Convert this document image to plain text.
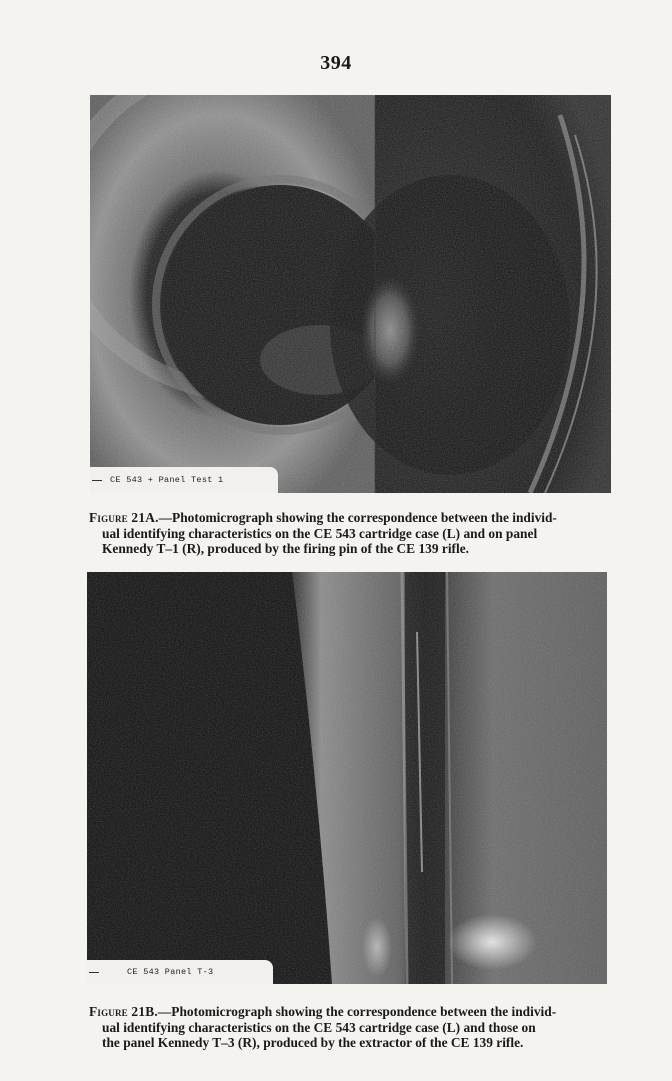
394
CE 543 + Panel Test 1
Figure 21A.—Photomicrograph showing the correspondence between the individ-
ual identifying characteristics on the CE 543 cartridge case (L) and on panel
Kennedy T–1 (R), produced by the firing pin of the CE 139 rifle.
CE 543 Panel T-3
Figure 21B.—Photomicrograph showing the correspondence between the individ-
ual identifying characteristics on the CE 543 cartridge case (L) and those on
the panel Kennedy T–3 (R), produced by the extractor of the CE 139 rifle.
